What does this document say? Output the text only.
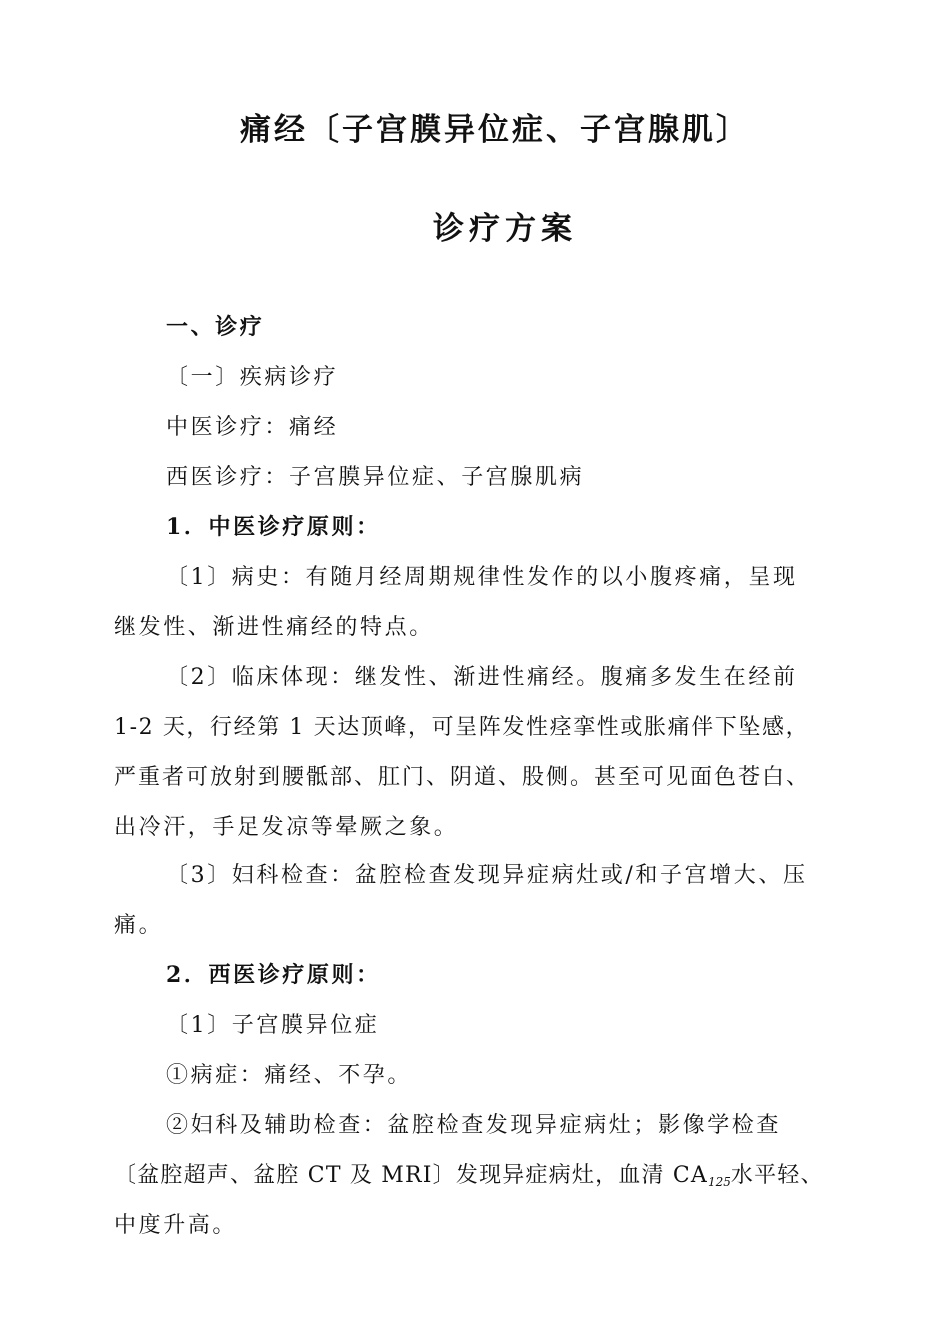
痛经〔子宫膜异位症、子宫腺肌〕
诊疗方案
一、诊疗
〔一〕疾病诊疗
中医诊疗：痛经
西医诊疗：子宫膜异位症、子宫腺肌病
1．中医诊疗原则：
〔1〕病史：有随月经周期规律性发作的以小腹疼痛，呈现
继发性、渐进性痛经的特点。
〔2〕临床体现：继发性、渐进性痛经。腹痛多发生在经前
1-2 天，行经第 1 天达顶峰，可呈阵发性痉挛性或胀痛伴下坠感，
严重者可放射到腰骶部、肛门、阴道、股侧。甚至可见面色苍白、
出冷汗，手足发凉等晕厥之象。
〔3〕妇科检查：盆腔检查发现异症病灶或/和子宫增大、压
痛。
2．西医诊疗原则：
〔1〕子宫膜异位症
①病症：痛经、不孕。
②妇科及辅助检查：盆腔检查发现异症病灶；影像学检查
〔盆腔超声、盆腔 CT 及 MRI〕发现异症病灶，血清 $CA_{125}$水平轻、
中度升高。
